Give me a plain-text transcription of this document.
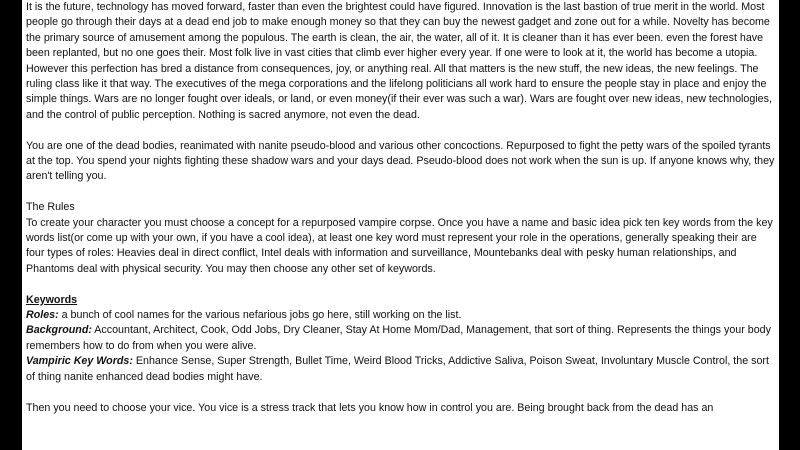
It is the future, technology has moved forward, faster than even the brightest could have figured. Innovation is the last bastion of true merit in the world. Most people go through their days at a dead end job to make enough money so that they can buy the newest gadget and zone out for a while. Novelty has become the primary source of amusement among the populous. The earth is clean, the air, the water, all of it. It is cleaner than it has ever been. even the forest have been replanted, but no one goes their. Most folk live in vast cities that climb ever higher every year. If one were to look at it, the world has become a utopia. However this perfection has bred a distance from consequences, joy, or anything real. All that matters is the new stuff, the new ideas, the new feelings. The ruling class like it that way. The executives of the mega corporations and the lifelong politicians all work hard to ensure the people stay in place and enjoy the simple things. Wars are no longer fought over ideals, or land, or even money(if their ever was such a war). Wars are fought over new ideas, new technologies, and the control of public perception. Nothing is sacred anymore, not even the dead.

You are one of the dead bodies, reanimated with nanite pseudo-blood and various other concoctions. Repurposed to fight the petty wars of the spoiled tyrants at the top. You spend your nights fighting these shadow wars and your days dead. Pseudo-blood does not work when the sun is up. If anyone knows why, they aren't telling you.

The Rules

To create your character you must choose a concept for a repurposed vampire corpse. Once you have a name and basic idea pick ten key words from the key words list(or come up with your own, if you have a cool idea), at least one key word must represent your role in the operations, generally speaking their are four types of roles: Heavies deal in direct conflict, Intel deals with information and surveillance, Mountebanks deal with pesky human relationships, and Phantoms deal with physical security. You may then choose any other set of keywords.

Keywords

Roles: a bunch of cool names for the various nefarious jobs go here, still working on the list.

Background: Accountant, Architect, Cook, Odd Jobs, Dry Cleaner, Stay At Home Mom/Dad, Management, that sort of thing. Represents the things your body remembers how to do from when you were alive.

Vampiric Key Words: Enhance Sense, Super Strength, Bullet Time, Weird Blood Tricks, Addictive Saliva, Poison Sweat, Involuntary Muscle Control, the sort of thing nanite enhanced dead bodies might have.

Then you need to choose your vice. You vice is a stress track that lets you know how in control you are. Being brought back from the dead has an
